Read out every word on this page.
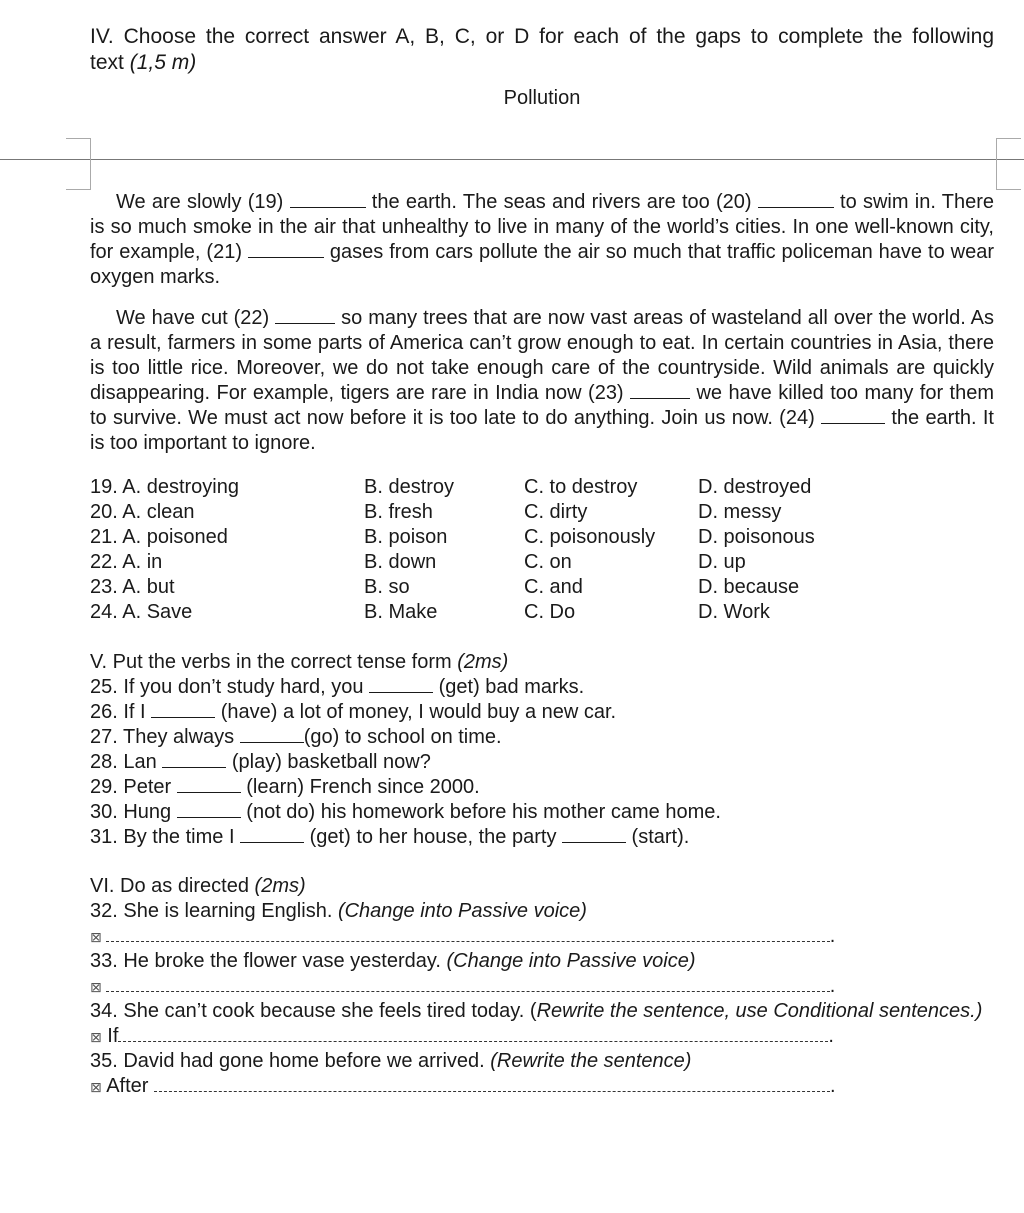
IV. Choose the correct answer A, B, C, or D for each of the gaps to complete the following
text (1,5 m)
Pollution

We are slowly (19)	the earth. The seas and rivers are too (20)	to swim in. There is so much smoke in the air that unhealthy to live in many of the world’s cities. In one well-known city, for example, (21)	gases from cars pollute the air so much that traffic policeman have to wear oxygen marks.

We have cut (22)	so many trees that are now vast areas of wasteland all over the world. As a result, farmers in some parts of America can’t grow enough to eat. In certain countries in Asia, there is too little rice. Moreover, we do not take enough care of the countryside. Wild animals are quickly disappearing. For example, tigers are rare in India now (23)	we have killed too many for them to survive. We must act now before it is too late to do anything. Join us now. (24)	the earth. It is too important to ignore.

19. A. destroying	B. destroy	C. to destroy	D. destroyed
20. A. clean	B. fresh	C. dirty	D. messy
21. A. poisoned	B. poison	C. poisonously D. poisonous
22. A. in	B. down	C. on	D. up
23. A. but	B. so	C. and	D. because
24. A. Save	B. Make	C. Do	D. Work
V. Put the verbs in the correct tense form (2ms)
25. If you don’t study hard, you	(get) bad marks.
26. If I	(have) a lot of money, I would buy a new car.
27. They always	(go) to school on time.
28. Lan	(play) basketball now?
29. Peter	(learn) French since 2000.
30. Hung	(not do) his homework before his mother came home.
31. By the time I	(get) to her house, the party	(start).
VI. Do as directed (2ms)
32. She is learning English. (Change into Passive voice)
⊠	.
33. He broke the flower vase yesterday. (Change into Passive voice)
⊠	.
34. She can’t cook because she feels tired today. (Rewrite the sentence, use Conditional sentences.)
⊠ If	.
35. David had gone home before we arrived. (Rewrite the sentence)
⊠ After	.
